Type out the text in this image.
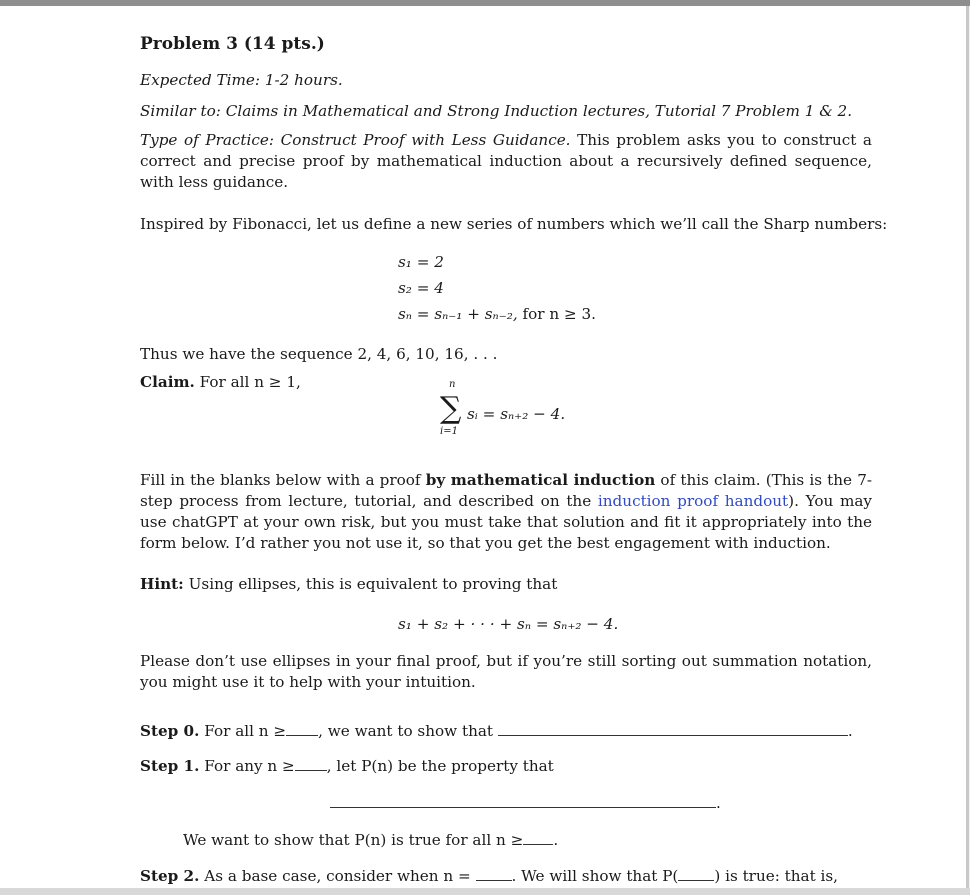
Problem 3 (14 pts.)
Expected Time: 1-2 hours.
Similar to: Claims in Mathematical and Strong Induction lectures, Tutorial 7 Problem 1 & 2.
Type of Practice: Construct Proof with Less Guidance. This problem asks you to construct a correct and precise proof by mathematical induction about a recursively defined sequence, with less guidance.
Inspired by Fibonacci, let us define a new series of numbers which we’ll call the Sharp numbers:
s₁ = 2
s₂ = 4
sₙ = sₙ₋₁ + sₙ₋₂, for n ≥ 3.
Thus we have the sequence 2, 4, 6, 10, 16, . . .
Claim. For all n ≥ 1,	n
∑
i=1
sᵢ = sₙ₊₂ − 4.
Fill in the blanks below with a proof by mathematical induction of this claim. (This is the 7-step process from lecture, tutorial, and described on the induction proof handout). You may use chatGPT at your own risk, but you must take that solution and fit it appropriately into the form below. I’d rather you not use it, so that you get the best engagement with induction.
Hint: Using ellipses, this is equivalent to proving that
s₁ + s₂ + · · · + sₙ = sₙ₊₂ − 4.
Please don’t use ellipses in your final proof, but if you’re still sorting out summation notation, you might use it to help with your intuition.
Step 0. For all n ≥ , we want to show that	.
Step 1. For any n ≥ , let P(n) be the property that
.
We want to show that P(n) is true for all n ≥ .
Step 2. As a base case, consider when n =	. We will show that P( ) is true: that is,
